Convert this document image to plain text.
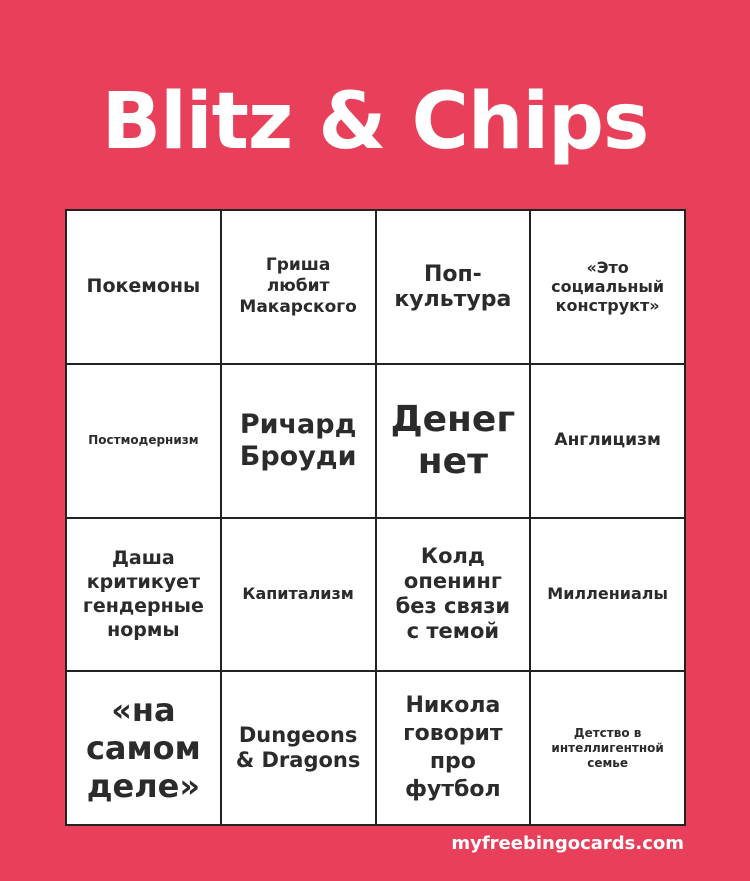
Blitz & Chips
Покемоны
Гриша любит Макарского
Поп-культура
«Это социальный конструкт»
Постмодернизм
Ричард Броуди
Денег нет
Англицизм
Даша критикует гендерные нормы
Капитализм
Колд опенинг без связи с темой
Миллениалы
«на самом деле»
Dungeons & Dragons
Никола говорит про футбол
Детство в интеллигентной семье
myfreebingocards.com
